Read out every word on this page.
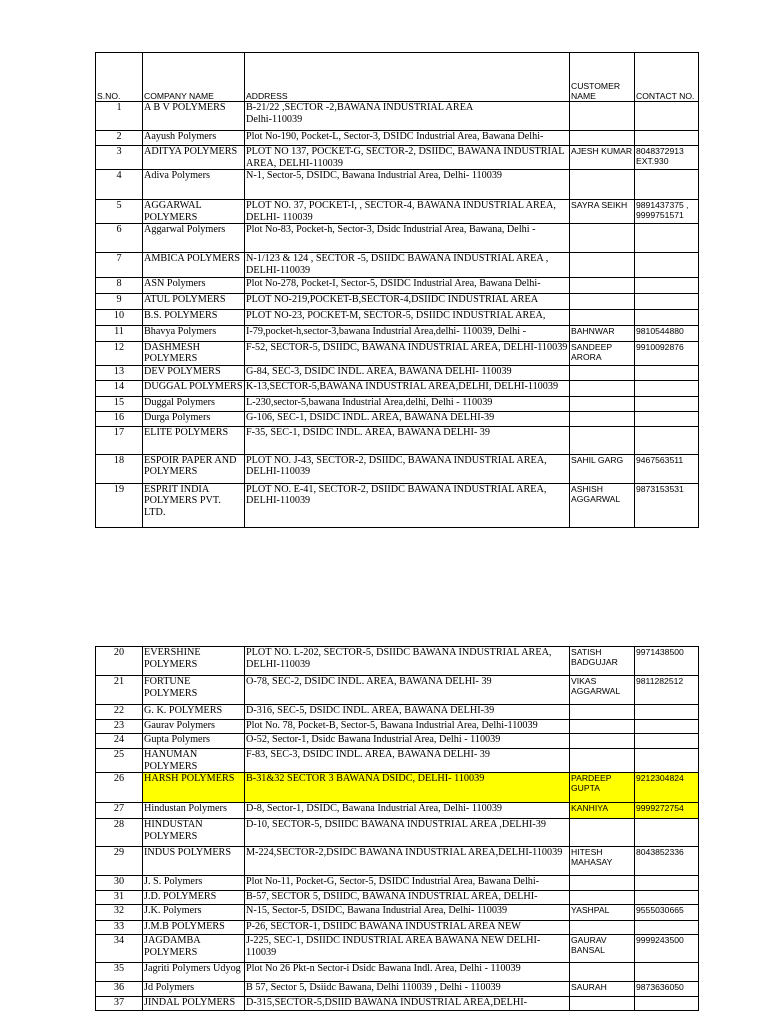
S.NO.	COMPANY NAME	ADDRESS	CUSTOMER NAME	CONTACT NO.
1	A B V POLYMERS	B-21/22 ,SECTOR -2,BAWANA INDUSTRIAL AREA
Delhi-110039		
2	Aayush Polymers	Plot No-190, Pocket-L, Sector-3, DSIDC Industrial Area, Bawana Delhi-		
3	ADITYA POLYMERS	PLOT NO 137, POCKET-G, SECTOR-2, DSIIDC, BAWANA INDUSTRIAL AREA, DELHI-110039	AJESH KUMAR	8048372913 EXT.930
4	Adiva Polymers	N-1, Sector-5, DSIDC, Bawana Industrial Area, Delhi- 110039		
5	AGGARWAL POLYMERS	PLOT NO. 37, POCKET-I, , SECTOR-4, BAWANA INDUSTRIAL AREA, DELHI- 110039	SAYRA SEIKH	9891437375 , 9999751571
6	Aggarwal Polymers	Plot No-83, Pocket-h, Sector-3, Dsidc Industrial Area, Bawana, Delhi -		
7	AMBICA POLYMERS	N-1/123 & 124 , SECTOR -5, DSIIDC BAWANA INDUSTRIAL AREA , DELHI-110039		
8	ASN Polymers	Plot No-278, Pocket-I, Sector-5, DSIDC Industrial Area, Bawana Delhi-		
9	ATUL POLYMERS	PLOT NO-219,POCKET-B,SECTOR-4,DSIIDC INDUSTRIAL AREA		
10	B.S. POLYMERS	PLOT NO-23, POCKET-M, SECTOR-5, DSIIDC INDUSTRIAL AREA,		
11	Bhavya Polymers	I-79,pocket-h,sector-3,bawana Industrial Area,delhi- 110039, Delhi -	BAHNWAR	9810544880
12	DASHMESH POLYMERS	F-52, SECTOR-5, DSIIDC, BAWANA INDUSTRIAL AREA, DELHI-110039	SANDEEP ARORA	9910092876
13	DEV POLYMERS	G-84, SEC-3, DSIDC INDL. AREA, BAWANA DELHI- 110039		
14	DUGGAL POLYMERS	K-13,SECTOR-5,BAWANA INDUSTRIAL AREA,DELHI, DELHI-110039		
15	Duggal Polymers	L-230,sector-5,bawana Industrial Area,delhi, Delhi - 110039		
16	Durga Polymers	G-106, SEC-1, DSIDC INDL. AREA, BAWANA DELHI-39		
17	ELITE POLYMERS	F-35, SEC-1, DSIDC INDL. AREA, BAWANA DELHI- 39		
18	ESPOIR PAPER AND POLYMERS	PLOT NO. J-43, SECTOR-2, DSIIDC, BAWANA INDUSTRIAL AREA, DELHI-110039	SAHIL GARG	9467563511
19	ESPRIT INDIA POLYMERS PVT. LTD.	PLOT NO. E-41, SECTOR-2, DSIIDC BAWANA INDUSTRIAL AREA, DELHI-110039	ASHISH AGGARWAL	9873153531
20	EVERSHINE POLYMERS	PLOT NO. L-202, SECTOR-5, DSIIDC BAWANA INDUSTRIAL AREA, DELHI-110039	SATISH BADGUJAR	9971438500
21	FORTUNE POLYMERS	O-78, SEC-2, DSIDC INDL. AREA, BAWANA DELHI- 39	VIKAS AGGARWAL	9811282512
22	G. K. POLYMERS	D-316, SEC-5, DSIDC INDL. AREA, BAWANA DELHI-39		
23	Gaurav Polymers	Plot No. 78, Pocket-B, Sector-5, Bawana Industrial Area, Delhi-110039		
24	Gupta Polymers	O-52, Sector-1, Dsidc Bawana Industrial Area, Delhi - 110039		
25	HANUMAN POLYMERS	F-83, SEC-3, DSIDC INDL. AREA, BAWANA DELHI- 39		
26	HARSH POLYMERS	B-31&32 SECTOR 3 BAWANA DSIDC, DELHI- 110039	PARDEEP GUPTA	9212304824
27	Hindustan Polymers	D-8, Sector-1, DSIDC, Bawana Industrial Area, Delhi- 110039	KANHIYA	9999272754
28	HINDUSTAN POLYMERS	D-10, SECTOR-5, DSIIDC BAWANA INDUSTRIAL AREA ,DELHI-39		
29	INDUS POLYMERS	M-224,SECTOR-2,DSIDC BAWANA INDUSTRIAL AREA,DELHI-110039	HITESH MAHASAY	8043852336
30	J. S. Polymers	Plot No-11, Pocket-G, Sector-5, DSIDC Industrial Area, Bawana Delhi-		
31	J.D. POLYMERS	B-57, SECTOR 5, DSIIDC, BAWANA INDUSTRIAL AREA, DELHI-		
32	J.K. Polymers	N-15, Sector-5, DSIDC, Bawana Industrial Area, Delhi- 110039	YASHPAL	9555030665
33	J.M.B POLYMERS	P-26, SECTOR-1, DSIIDC BAWANA INDUSTRIAL AREA NEW		
34	JAGDAMBA POLYMERS	J-225, SEC-1, DSIIDC INDUSTRIAL AREA BAWANA NEW DELHI-110039	GAURAV BANSAL	9999243500
35	Jagriti Polymers Udyog	Plot No 26 Pkt-n Sector-i Dsidc Bawana Indl. Area, Delhi - 110039		
36	Jd Polymers	B 57, Sector 5, Dsiidc Bawana, Delhi 110039 , Delhi - 110039	SAURAH	9873636050
37	JINDAL POLYMERS	D-315,SECTOR-5,DSIID BAWANA INDUSTRIAL AREA,DELHI-		
